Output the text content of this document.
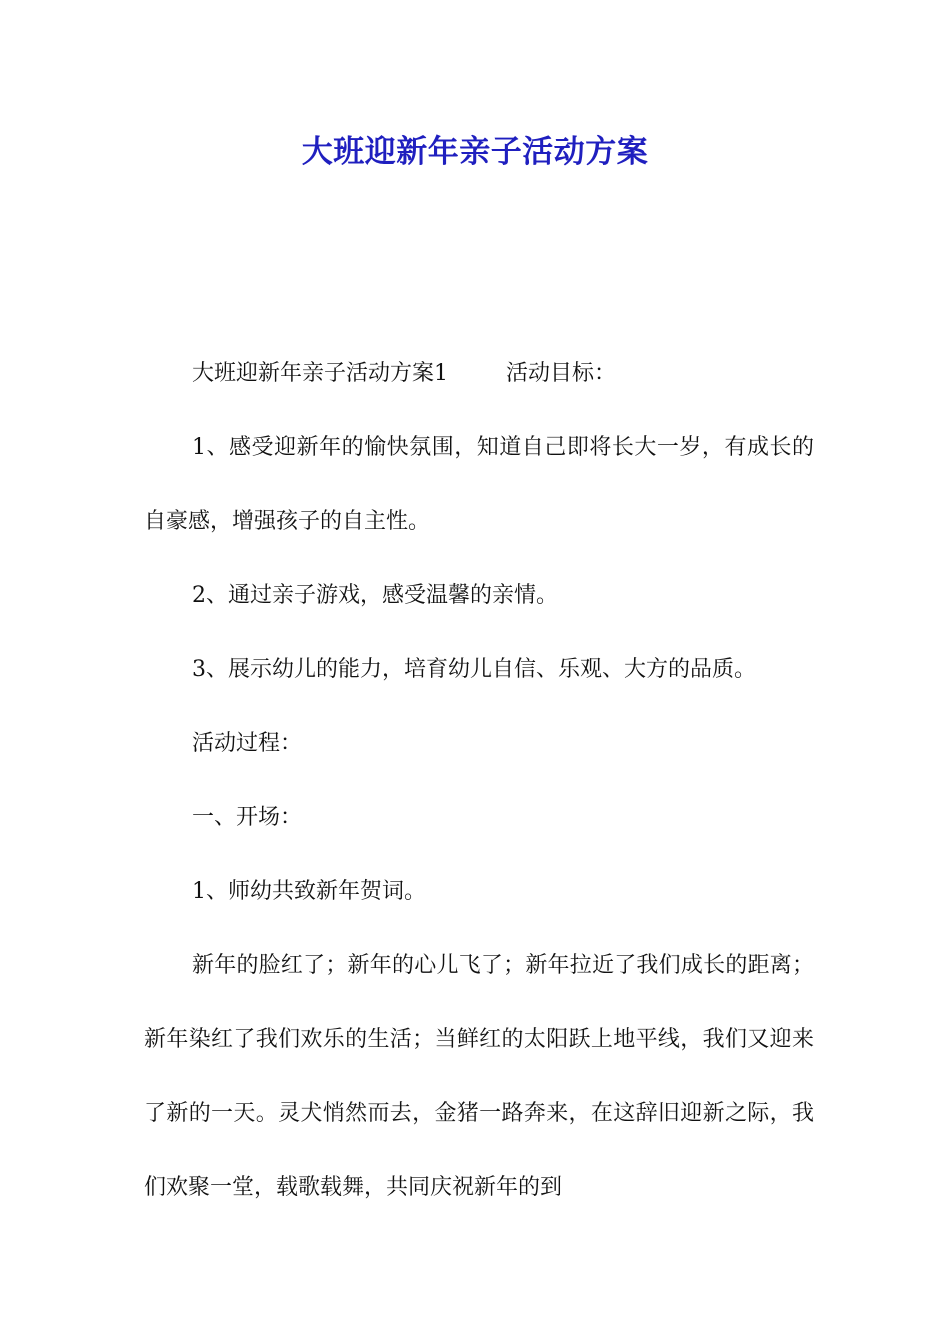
大班迎新年亲子活动方案

大班迎新年亲子活动方案1	活动目标：

1、感受迎新年的愉快氛围，知道自己即将长大一岁，有成长的自豪感，增强孩子的自主性。

2、通过亲子游戏，感受温馨的亲情。

3、展示幼儿的能力，培育幼儿自信、乐观、大方的品质。

活动过程：

一、开场：

1、师幼共致新年贺词。

新年的脸红了；新年的心儿飞了；新年拉近了我们成长的距离；新年染红了我们欢乐的生活；当鲜红的太阳跃上地平线，我们又迎来了新的一天。灵犬悄然而去，金猪一路奔来，在这辞旧迎新之际，我们欢聚一堂，载歌载舞，共同庆祝新年的到
